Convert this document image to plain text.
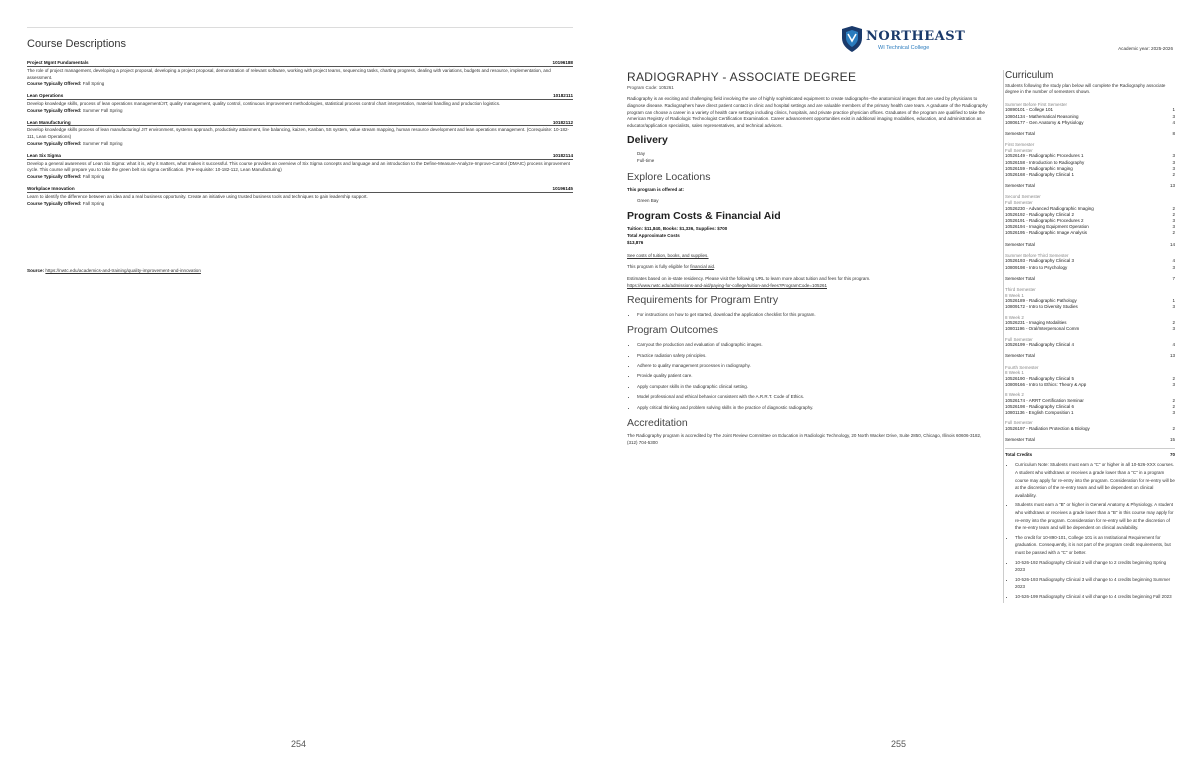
Course Descriptions
Project Mgmt Fundamentals	10196188
The role of project management, developing a project proposal, developing a project proposal, demonstration of relevant software, working with project teams, sequencing tasks, charting progress, dealing with variations, budgets and resource, implementation, and assessment.
Course Typically Offered: Fall Spring
Lean Operations	10182111
Develop knowledge skills, process of lean operations management/JIT, quality management, quality control, continuous improvement methodologies, statistical process control chart interpretation, material handling and production logistics.
Course Typically Offered: Summer Fall Spring
Lean Manufacturing	10182112
Develop knowledge skills process of lean manufacturing/ JIT environment, systems approach, productivity attainment, line balancing, kaizen, Kanban, 5S system, value stream mapping, human resource development and lean operations management. (Corequisite: 10-182-111, Lean Operations)
Course Typically Offered: Summer Fall Spring
Lean Six Sigma	10182114
Develop a general awareness of Lean Six Sigma: what it is, why it matters, what makes it successful. This course provides an overview of Six Sigma concepts and language and an introduction to the Define-Measure-Analyze-Improve-Control (DMAIC) process improvement cycle. This course will prepare you to take the green belt six sigma certification. (Pre-requisite: 10-182-112, Lean Manufacturing)
Course Typically Offered: Fall Spring
Workplace Innovation	10196145
Learn to identify the difference between an idea and a real business opportunity. Create an initiative using trusted business tools and techniques to gain leadership support.
Course Typically Offered: Fall Spring
Source: https://nwtc.edu/academics-and-training/quality-improvement-and-innovation
254
NORTHEAST
WI Technical College	Academic year: 2025-2026
RADIOGRAPHY - ASSOCIATE DEGREE
Program Code: 105261
Radiography is an exciting and challenging field involving the use of highly sophisticated equipment to create radiographs--the anatomical images that are used by physicians to diagnose disease. Radiographers have direct patient contact in clinic and hospital settings and are valuable members of the primary health care team. A graduate of the Radiography program can choose a career in a variety of health care settings including clinics, hospitals, and private practice physician offices. Graduates of the program are qualified to take the American Registry of Radiologic Technologist Certification Examination. Career advancement opportunities exist in additional imaging modalities, education, and administration as educator/application specialists, sales representatives, and technical advisors.
Delivery
Day
Full-time
Explore Locations
This program is offered at:
Green Bay
Program Costs & Financial Aid
Tuition: $11,840, Books: $1,336, Supplies: $700
Total Approximate Costs
$13,876
See costs of tuition, books, and supplies.
This program is fully eligible for financial aid.
Estimates based on in-state residency. Please visit the following URL to learn more about tuition and fees for this program.
https://www.nwtc.edu/admissions-and-aid/paying-for-college/tuition-and-fees?ProgramCode=105261
Requirements for Program Entry
• For instructions on how to get started, download the application checklist for this program.
Program Outcomes
• Carryout the production and evaluation of radiographic images.
• Practice radiation safety principles.
• Adhere to quality management processes in radiography.
• Provide quality patient care.
• Apply computer skills in the radiographic clinical setting.
• Model professional and ethical behavior consistent with the A.R.R.T. Code of Ethics.
• Apply critical thinking and problem solving skills in the practice of diagnostic radiography.
Accreditation
The Radiography program is accredited by The Joint Review Committee on Education in Radiologic Technology, 20 North Wacker Drive, Suite 2850, Chicago, Illinois 60606-3182, (312) 704-5300
Curriculum
Students following the study plan below will complete the Radiography associate degree in the number of semesters shown.
Summer Before First Semester
10890101 - College 101	1
10804134 - Mathematical Reasoning	3
10806177 - Gen Anatomy & Physiology	4
Semester Total	8
First Semester
Full Semester
10526149 - Radiographic Procedures 1	3
10526158 - Introduction to Radiography	3
10526159 - Radiographic Imaging	3
10526168 - Radiography Clinical 1	2
Semester Total	13
Second Semester
Full Semester
10526230 - Advanced Radiographic Imaging	2
10526192 - Radiography Clinical 2	2
10526191 - Radiographic Procedures 2	3
10526194 - Imaging Equipment Operation	3
10526195 - Radiographic Image Analysis	2
Semester Total	14
Summer Before Third Semester
10526193 - Radiography Clinical 3	4
10809198 - Intro to Psychology	3
Semester Total	7
Third Semester
8 Week 1
10526189 - Radiographic Pathology	1
10809172 - Intro to Diversity Studies	3
8 Week 2
10526231 - Imaging Modalities	2
10801196 - Oral/Interpersonal Comm	3
Full Semester
10526199 - Radiography Clinical 4	4
Semester Total	13
Fourth Semester
8 Week 1
10526190 - Radiography Clinical 5	2
10809166 - Intro to Ethics: Theory & App	3
8 Week 2
10526174 - ARRT Certification Seminar	2
10526198 - Radiography Clinical 6	2
10801136 - English Composition 1	3
Full Semester
10526197 - Radiation Protection & Biology	2
Semester Total	15
Total Credits	70
• Curriculum Note: Students must earn a "C" or higher in all 10-526-XXX courses. A student who withdraws or receives a grade lower than a "C" in a program course may apply for re-entry into the program. Consideration for re-entry will be at the discretion of the re-entry team and will be dependent on clinical availability.
• Students must earn a "B" or higher in General Anatomy & Physiology. A student who withdraws or receives a grade lower than a "B" in this course may apply for re-entry into the program. Consideration for re-entry will be at the discretion of the re-entry team and will be dependent on clinical availability.
• The credit for 10-890-101, College 101 is an Institutional Requirement for graduation. Consequently, it is not part of the program credit requirements, but must be passed with a "C" or better.
• 10-526-192 Radiography Clinical 2 will change to 2 credits beginning Spring 2023
• 10-526-193 Radiography Clinical 3 will change to 4 credits beginning Summer 2023
• 10-526-199 Radiography Clinical 4 will change to 4 credits beginning Fall 2023
255
